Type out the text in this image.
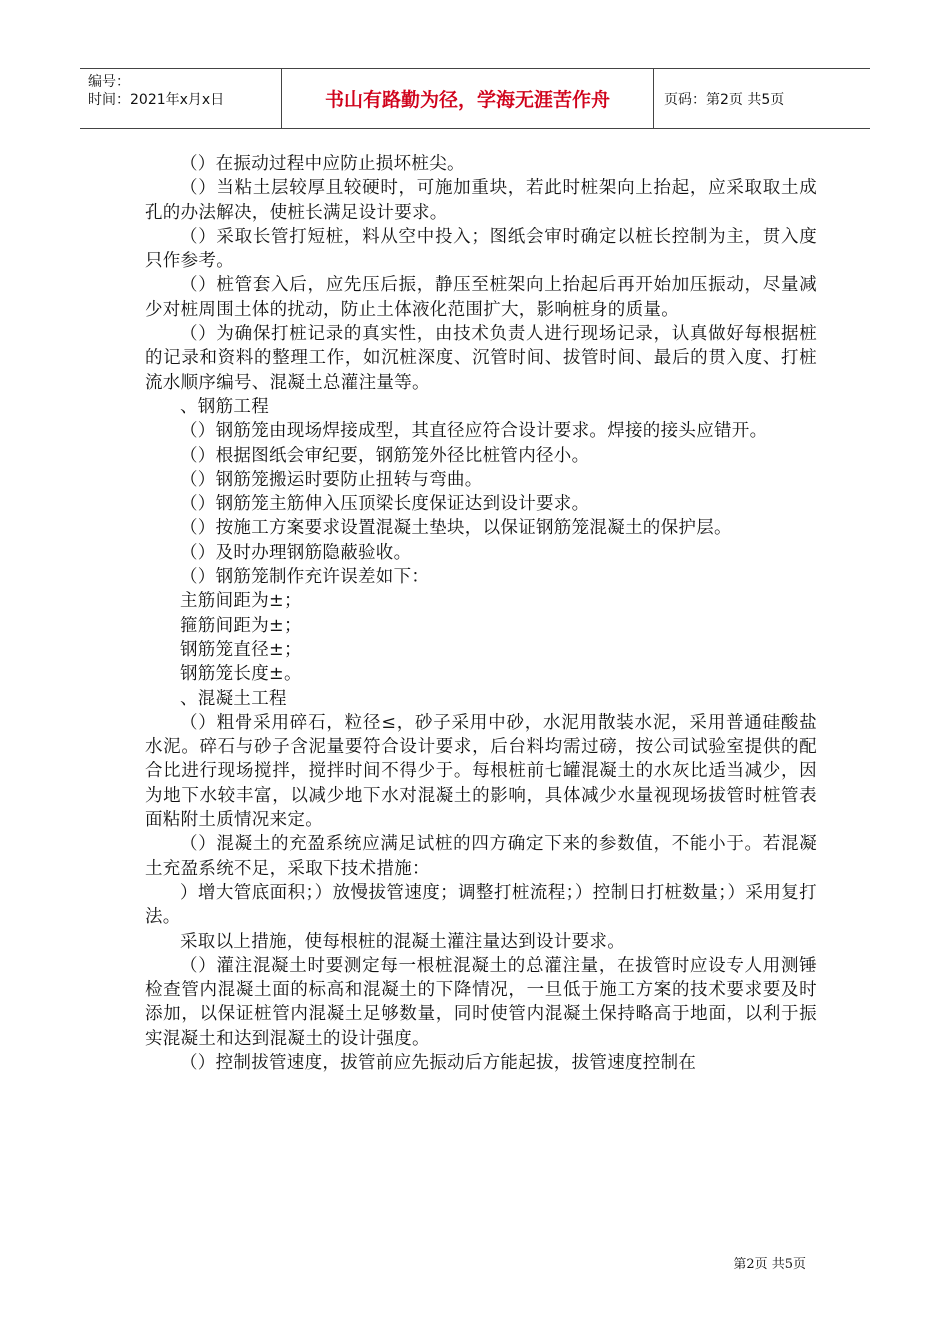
编号：
时间：2021年x月x日	书山有路勤为径，学海无涯苦作舟	页码：第2页 共5页

（）在振动过程中应防止损坏桩尖。

（）当粘土层较厚且较硬时，可施加重块，若此时桩架向上抬起，应采取取土成孔的办法解决，使桩长满足设计要求。

（）采取长管打短桩，料从空中投入；图纸会审时确定以桩长控制为主，贯入度只作参考。

（）桩管套入后，应先压后振，静压至桩架向上抬起后再开始加压振动，尽量减少对桩周围土体的扰动，防止土体液化范围扩大，影响桩身的质量。

（）为确保打桩记录的真实性，由技术负责人进行现场记录，认真做好每根据桩的记录和资料的整理工作，如沉桩深度、沉管时间、拔管时间、最后的贯入度、打桩流水顺序编号、混凝土总灌注量等。

、钢筋工程

（）钢筋笼由现场焊接成型，其直径应符合设计要求。焊接的接头应错开。

（）根据图纸会审纪要，钢筋笼外径比桩管内径小。

（）钢筋笼搬运时要防止扭转与弯曲。

（）钢筋笼主筋伸入压顶梁长度保证达到设计要求。

（）按施工方案要求设置混凝土垫块，以保证钢筋笼混凝土的保护层。

（）及时办理钢筋隐蔽验收。

（）钢筋笼制作充许误差如下：

主筋间距为±；

箍筋间距为±；

钢筋笼直径±；

钢筋笼长度±。

、混凝土工程

（）粗骨采用碎石，粒径≤，砂子采用中砂，水泥用散装水泥，采用普通硅酸盐水泥。碎石与砂子含泥量要符合设计要求，后台料均需过磅，按公司试验室提供的配合比进行现场搅拌，搅拌时间不得少于。每根桩前七罐混凝土的水灰比适当减少，因为地下水较丰富，以减少地下水对混凝土的影响，具体减少水量视现场拔管时桩管表面粘附土质情况来定。

（）混凝土的充盈系统应满足试桩的四方确定下来的参数值，不能小于。若混凝土充盈系统不足，采取下技术措施：

）增大管底面积；）放慢拔管速度；调整打桩流程；）控制日打桩数量；）采用复打法。

采取以上措施，使每根桩的混凝土灌注量达到设计要求。

（）灌注混凝土时要测定每一根桩混凝土的总灌注量，在拔管时应设专人用测锤检查管内混凝土面的标高和混凝土的下降情况，一旦低于施工方案的技术要求要及时添加，以保证桩管内混凝土足够数量，同时使管内混凝土保持略高于地面，以利于振实混凝土和达到混凝土的设计强度。

（）控制拔管速度，拔管前应先振动后方能起拔，拔管速度控制在

第2页 共5页
